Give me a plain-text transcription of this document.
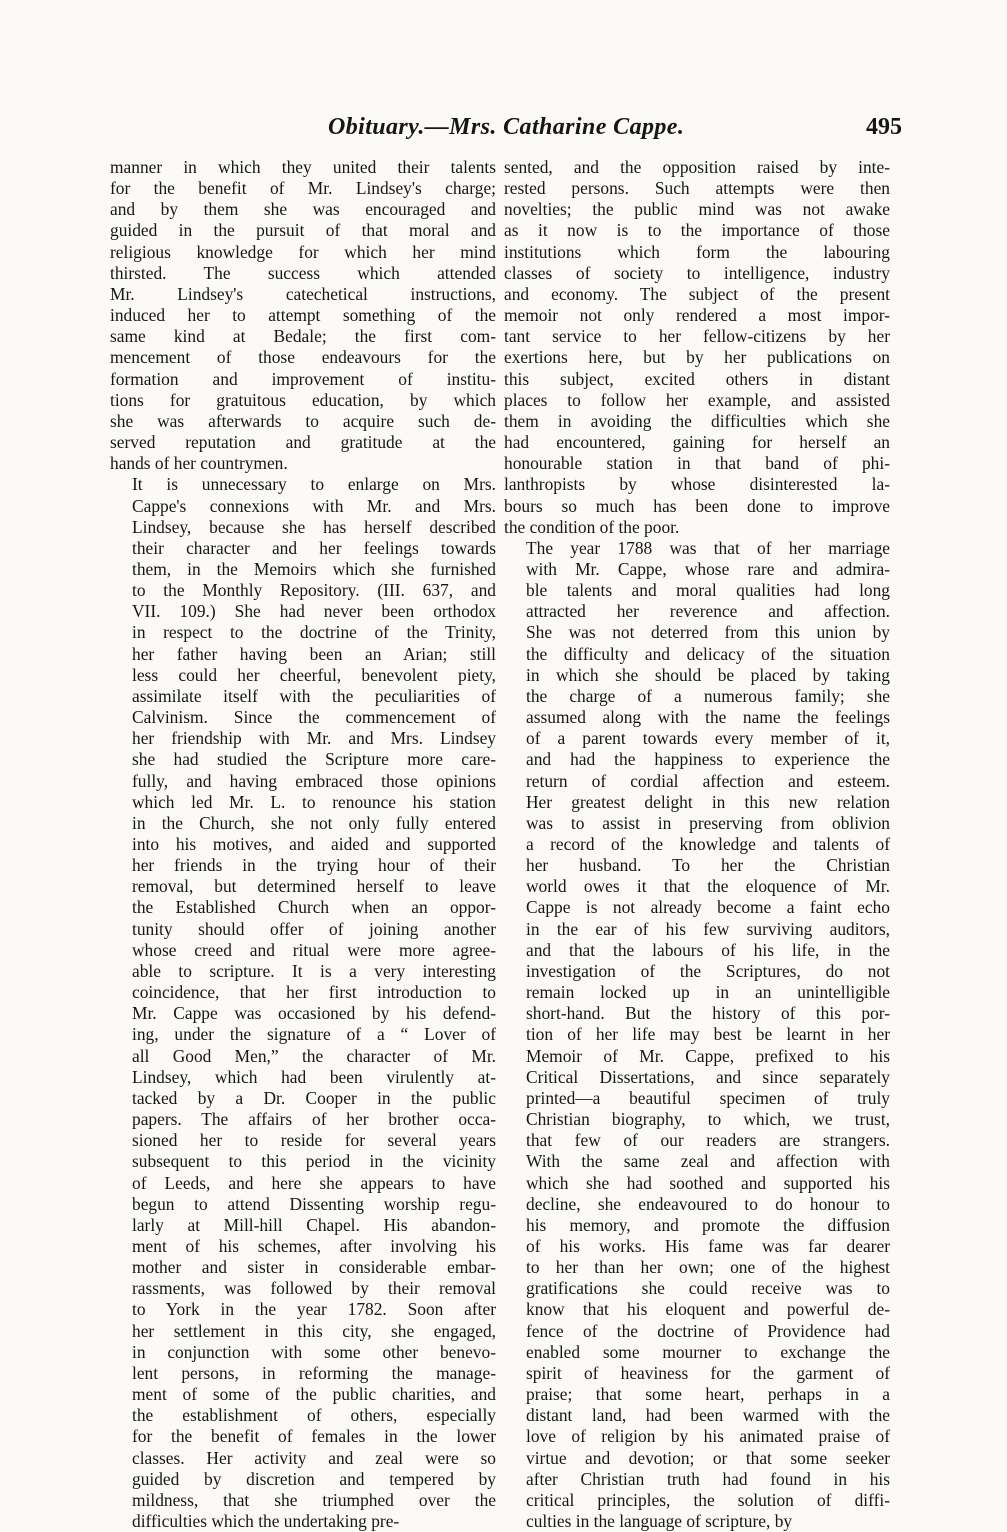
Obituary.—Mrs. Catharine Cappe.	495

manner in which they united their talents
for the benefit of Mr. Lindsey's charge;
and by them she was encouraged and
guided in the pursuit of that moral and
religious knowledge for which her mind
thirsted. The success which attended
Mr. Lindsey's catechetical instructions,
induced her to attempt something of the
same kind at Bedale; the first com-
mencement of those endeavours for the
formation and improvement of institu-
tions for gratuitous education, by which
she was afterwards to acquire such de-
served reputation and gratitude at the
hands of her countrymen.

It is unnecessary to enlarge on Mrs.
Cappe's connexions with Mr. and Mrs.
Lindsey, because she has herself described
their character and her feelings towards
them, in the Memoirs which she furnished
to the Monthly Repository. (III. 637, and
VII. 109.) She had never been orthodox
in respect to the doctrine of the Trinity,
her father having been an Arian; still
less could her cheerful, benevolent piety,
assimilate itself with the peculiarities of
Calvinism. Since the commencement of
her friendship with Mr. and Mrs. Lindsey
she had studied the Scripture more care-
fully, and having embraced those opinions
which led Mr. L. to renounce his station
in the Church, she not only fully entered
into his motives, and aided and supported
her friends in the trying hour of their
removal, but determined herself to leave
the Established Church when an oppor-
tunity should offer of joining another
whose creed and ritual were more agree-
able to scripture. It is a very interesting
coincidence, that her first introduction to
Mr. Cappe was occasioned by his defend-
ing, under the signature of a “ Lover of
all Good Men,” the character of Mr.
Lindsey, which had been virulently at-
tacked by a Dr. Cooper in the public
papers. The affairs of her brother occa-
sioned her to reside for several years
subsequent to this period in the vicinity
of Leeds, and here she appears to have
begun to attend Dissenting worship regu-
larly at Mill-hill Chapel. His abandon-
ment of his schemes, after involving his
mother and sister in considerable embar-
rassments, was followed by their removal
to York in the year 1782. Soon after
her settlement in this city, she engaged,
in conjunction with some other benevo-
lent persons, in reforming the manage-
ment of some of the public charities, and
the establishment of others, especially
for the benefit of females in the lower
classes. Her activity and zeal were so
guided by discretion and tempered by
mildness, that she triumphed over the
difficulties which the undertaking pre-

sented, and the opposition raised by inte-
rested persons. Such attempts were then
novelties; the public mind was not awake
as it now is to the importance of those
institutions which form the labouring
classes of society to intelligence, industry
and economy. The subject of the present
memoir not only rendered a most impor-
tant service to her fellow-citizens by her
exertions here, but by her publications on
this subject, excited others in distant
places to follow her example, and assisted
them in avoiding the difficulties which she
had encountered, gaining for herself an
honourable station in that band of phi-
lanthropists by whose disinterested la-
bours so much has been done to improve
the condition of the poor.

The year 1788 was that of her marriage
with Mr. Cappe, whose rare and admira-
ble talents and moral qualities had long
attracted her reverence and affection.
She was not deterred from this union by
the difficulty and delicacy of the situation
in which she should be placed by taking
the charge of a numerous family; she
assumed along with the name the feelings
of a parent towards every member of it,
and had the happiness to experience the
return of cordial affection and esteem.
Her greatest delight in this new relation
was to assist in preserving from oblivion
a record of the knowledge and talents of
her husband. To her the Christian
world owes it that the eloquence of Mr.
Cappe is not already become a faint echo
in the ear of his few surviving auditors,
and that the labours of his life, in the
investigation of the Scriptures, do not
remain locked up in an unintelligible
short-hand. But the history of this por-
tion of her life may best be learnt in her
Memoir of Mr. Cappe, prefixed to his
Critical Dissertations, and since separately
printed—a beautiful specimen of truly
Christian biography, to which, we trust,
that few of our readers are strangers.
With the same zeal and affection with
which she had soothed and supported his
decline, she endeavoured to do honour to
his memory, and promote the diffusion
of his works. His fame was far dearer
to her than her own; one of the highest
gratifications she could receive was to
know that his eloquent and powerful de-
fence of the doctrine of Providence had
enabled some mourner to exchange the
spirit of heaviness for the garment of
praise; that some heart, perhaps in a
distant land, had been warmed with the
love of religion by his animated praise of
virtue and devotion; or that some seeker
after Christian truth had found in his
critical principles, the solution of diffi-
culties in the language of scripture, by
